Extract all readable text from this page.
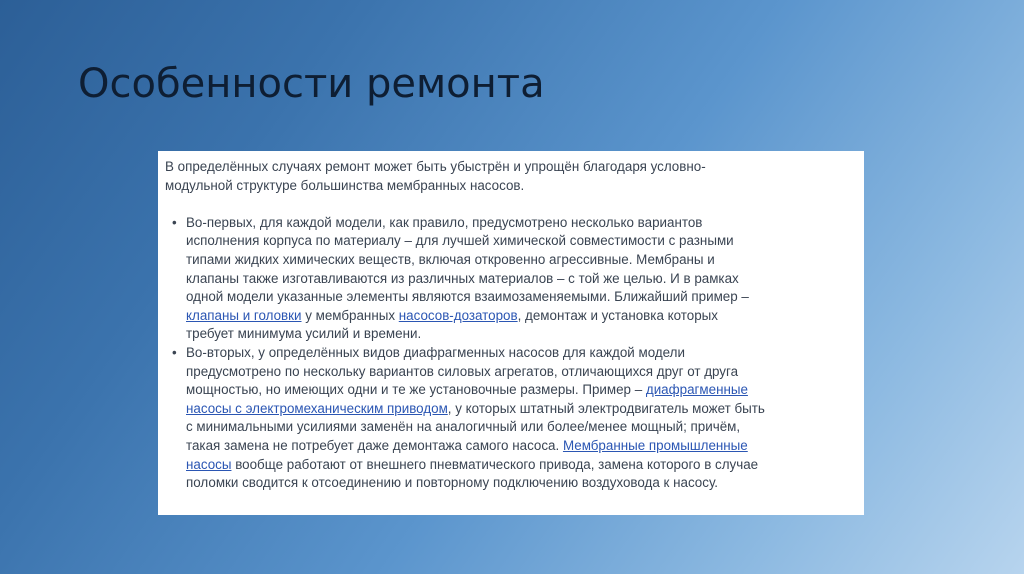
Особенности ремонта

В определённых случаях ремонт может быть убыстрён и упрощён благодаря условно-
модульной структуре большинства мембранных насосов.

• Во-первых, для каждой модели, как правило, предусмотрено несколько вариантов
исполнения корпуса по материалу – для лучшей химической совместимости с разными
типами жидких химических веществ, включая откровенно агрессивные. Мембраны и
клапаны также изготавливаются из различных материалов – с той же целью. И в рамках
одной модели указанные элементы являются взаимозаменяемыми. Ближайший пример –
клапаны и головки у мембранных насосов-дозаторов, демонтаж и установка которых
требует минимума усилий и времени.
• Во-вторых, у определённых видов диафрагменных насосов для каждой модели
предусмотрено по нескольку вариантов силовых агрегатов, отличающихся друг от друга
мощностью, но имеющих одни и те же установочные размеры. Пример – диафрагменные
насосы с электромеханическим приводом, у которых штатный электродвигатель может быть
с минимальными усилиями заменён на аналогичный или более/менее мощный; причём,
такая замена не потребует даже демонтажа самого насоса. Мембранные промышленные
насосы вообще работают от внешнего пневматического привода, замена которого в случае
поломки сводится к отсоединению и повторному подключению воздуховода к насосу.
